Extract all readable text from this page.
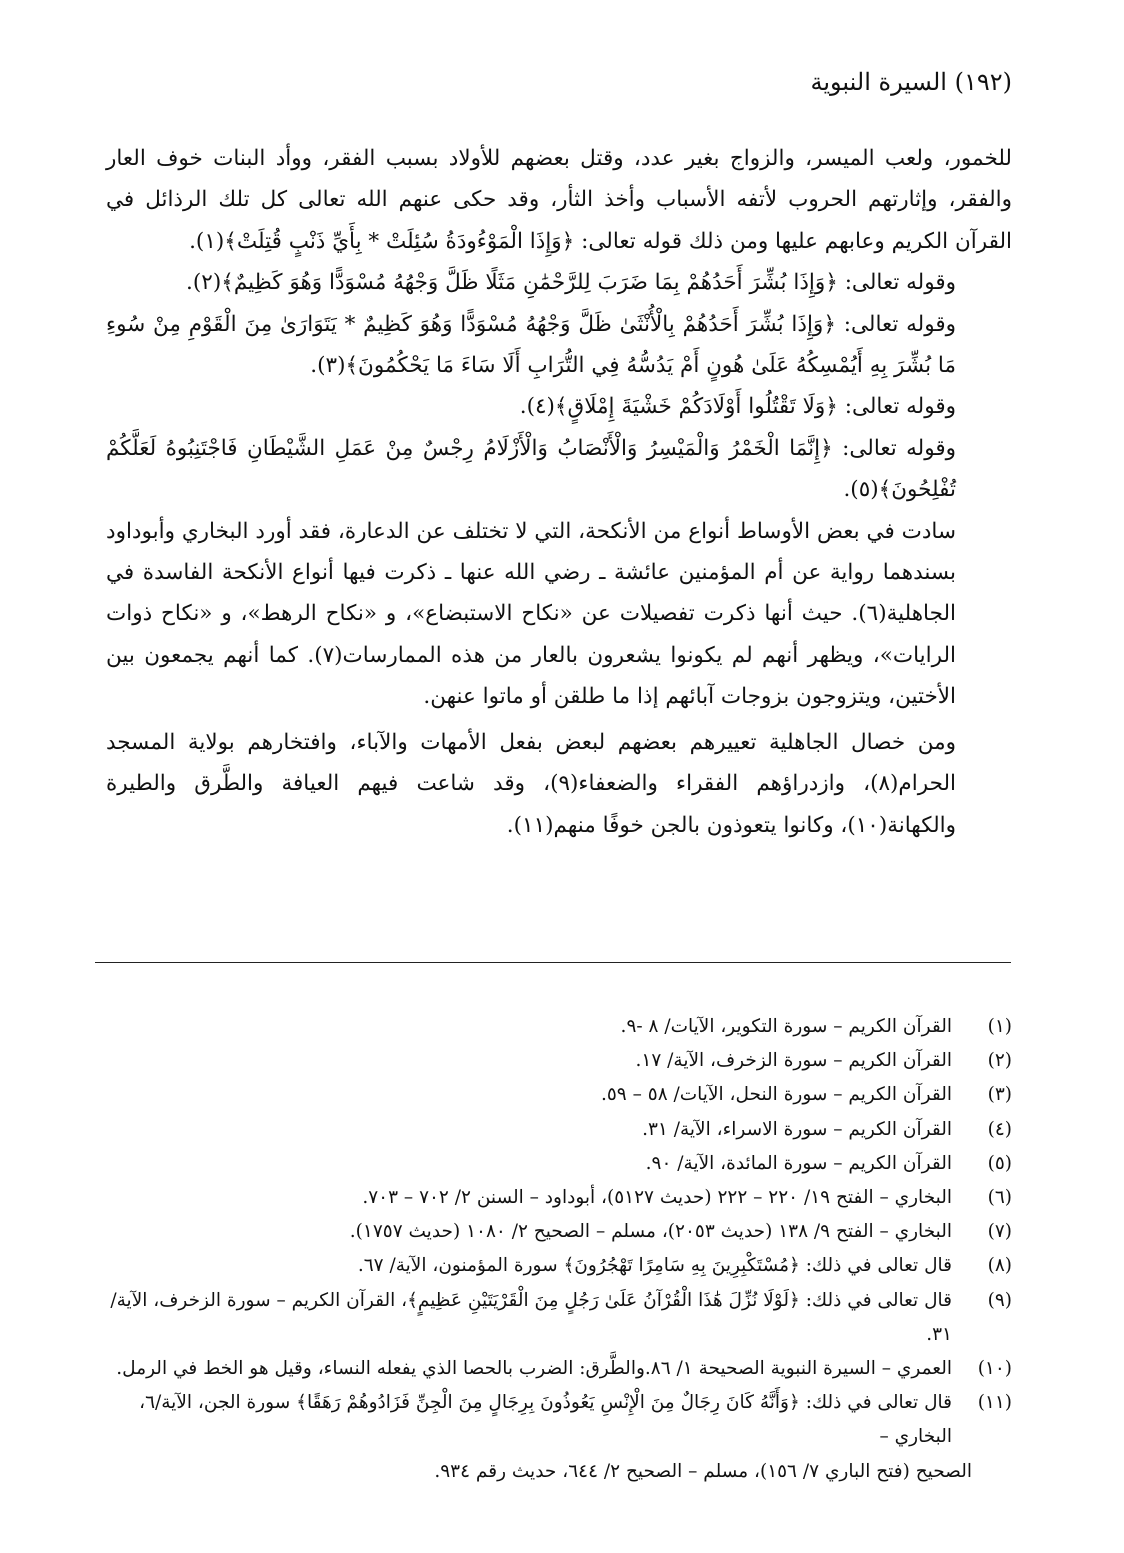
(١٩٢) السيرة النبوية

للخمور، ولعب الميسر، والزواج بغير عدد، وقتل بعضهم للأولاد بسبب الفقر، ووأد البنات خوف العار والفقر، وإثارتهم الحروب لأتفه الأسباب وأخذ الثأر، وقد حكى عنهم الله تعالى كل تلك الرذائل في القرآن الكريم وعابهم عليها ومن ذلك قوله تعالى: ﴿وَإِذَا الْمَوْءُودَةُ سُئِلَتْ * بِأَيِّ ذَنْبٍ قُتِلَتْ﴾(١).

وقوله تعالى: ﴿وَإِذَا بُشِّرَ أَحَدُهُمْ بِمَا ضَرَبَ لِلرَّحْمَٰنِ مَثَلًا ظَلَّ وَجْهُهُ مُسْوَدًّا وَهُوَ كَظِيمٌ﴾(٢).

وقوله تعالى: ﴿وَإِذَا بُشِّرَ أَحَدُهُمْ بِالْأُنْثَىٰ ظَلَّ وَجْهُهُ مُسْوَدًّا وَهُوَ كَظِيمٌ * يَتَوَارَىٰ مِنَ الْقَوْمِ مِنْ سُوءِ مَا بُشِّرَ بِهِ أَيُمْسِكُهُ عَلَىٰ هُونٍ أَمْ يَدُسُّهُ فِي التُّرَابِ أَلَا سَاءَ مَا يَحْكُمُونَ﴾(٣).

وقوله تعالى: ﴿وَلَا تَقْتُلُوا أَوْلَادَكُمْ خَشْيَةَ إِمْلَاقٍ﴾(٤).

وقوله تعالى: ﴿إِنَّمَا الْخَمْرُ وَالْمَيْسِرُ وَالْأَنْصَابُ وَالْأَزْلَامُ رِجْسٌ مِنْ عَمَلِ الشَّيْطَانِ فَاجْتَنِبُوهُ لَعَلَّكُمْ تُفْلِحُونَ﴾(٥).

سادت في بعض الأوساط أنواع من الأنكحة، التي لا تختلف عن الدعارة، فقد أورد البخاري وأبوداود بسندهما رواية عن أم المؤمنين عائشة ـ رضي الله عنها ـ ذكرت فيها أنواع الأنكحة الفاسدة في الجاهلية(٦). حيث أنها ذكرت تفصيلات عن «نكاح الاستبضاع»، و «نكاح الرهط»، و «نكاح ذوات الرايات»، ويظهر أنهم لم يكونوا يشعرون بالعار من هذه الممارسات(٧). كما أنهم يجمعون بين الأختين، ويتزوجون بزوجات آبائهم إذا ما طلقن أو ماتوا عنهن.

ومن خصال الجاهلية تعييرهم بعضهم لبعض بفعل الأمهات والآباء، وافتخارهم بولاية المسجد الحرام(٨)، وازدراؤهم الفقراء والضعفاء(٩)، وقد شاعت فيهم العيافة والطَّرق والطيرة والكهانة(١٠)، وكانوا يتعوذون بالجن خوفًا منهم(١١).

(١)
القرآن الكريم – سورة التكوير، الآيات/ ٨ -٩.
(٢)
القرآن الكريم – سورة الزخرف، الآية/ ١٧.
(٣)
القرآن الكريم – سورة النحل، الآيات/ ٥٨ – ٥٩.
(٤)
القرآن الكريم – سورة الاسراء، الآية/ ٣١.
(٥)
القرآن الكريم – سورة المائدة، الآية/ ٩٠.
(٦)
البخاري – الفتح ١٩/ ٢٢٠ – ٢٢٢ (حديث ٥١٢٧)، أبوداود – السنن ٢/ ٧٠٢ – ٧٠٣.
(٧)
البخاري – الفتح ٩/ ١٣٨ (حديث ٢٠٥٣)، مسلم – الصحيح ٢/ ١٠٨٠ (حديث ١٧٥٧).
(٨)
قال تعالى في ذلك: ﴿مُسْتَكْبِرِينَ بِهِ سَامِرًا تَهْجُرُونَ﴾ سورة المؤمنون، الآية/ ٦٧.
(٩)
قال تعالى في ذلك: ﴿لَوْلَا نُزِّلَ هَٰذَا الْقُرْآنُ عَلَىٰ رَجُلٍ مِنَ الْقَرْيَتَيْنِ عَظِيمٍ﴾، القرآن الكريم – سورة الزخرف، الآية/ ٣١.
(١٠)
العمري – السيرة النبوية الصحيحة ١/ ٨٦.والطَّرق: الضرب بالحصا الذي يفعله النساء، وقيل هو الخط في الرمل.
(١١)
قال تعالى في ذلك: ﴿وَأَنَّهُ كَانَ رِجَالٌ مِنَ الْإِنْسِ يَعُوذُونَ بِرِجَالٍ مِنَ الْجِنِّ فَزَادُوهُمْ رَهَقًا﴾ سورة الجن، الآية/٦، البخاري –
الصحيح (فتح الباري ٧/ ١٥٦)، مسلم – الصحيح ٢/ ٦٤٤، حديث رقم ٩٣٤.
